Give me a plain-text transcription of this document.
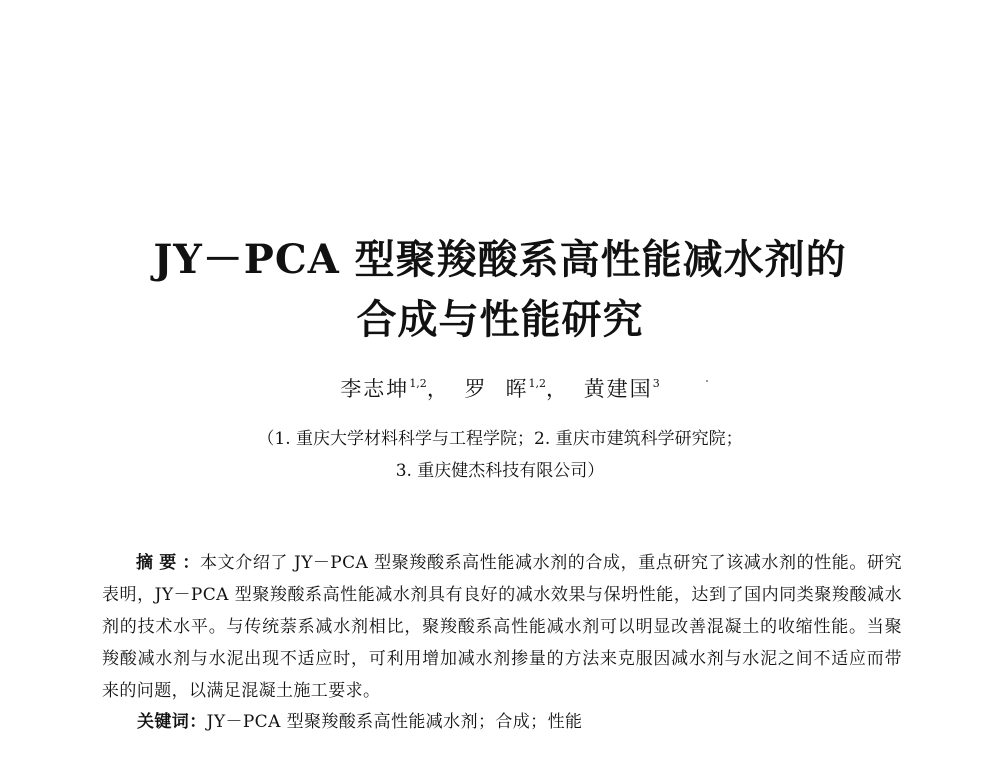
JY－PCA 型聚羧酸系高性能减水剂的
合成与性能研究
李志坤$^{1,2}$， 罗 晖$^{1,2}$， 黄建国$^3$
（1. 重庆大学材料科学与工程学院；2. 重庆市建筑科学研究院；
3. 重庆健杰科技有限公司）
摘要：本文介绍了 JY－PCA 型聚羧酸系高性能减水剂的合成，重点研究了该减水剂的性能。研究表明，JY－PCA 型聚羧酸系高性能减水剂具有良好的减水效果与保坍性能，达到了国内同类聚羧酸减水剂的技术水平。与传统萘系减水剂相比，聚羧酸系高性能减水剂可以明显改善混凝土的收缩性能。当聚羧酸减水剂与水泥出现不适应时，可利用增加减水剂掺量的方法来克服因减水剂与水泥之间不适应而带来的问题，以满足混凝土施工要求。
关键词：JY－PCA 型聚羧酸系高性能减水剂；合成；性能
